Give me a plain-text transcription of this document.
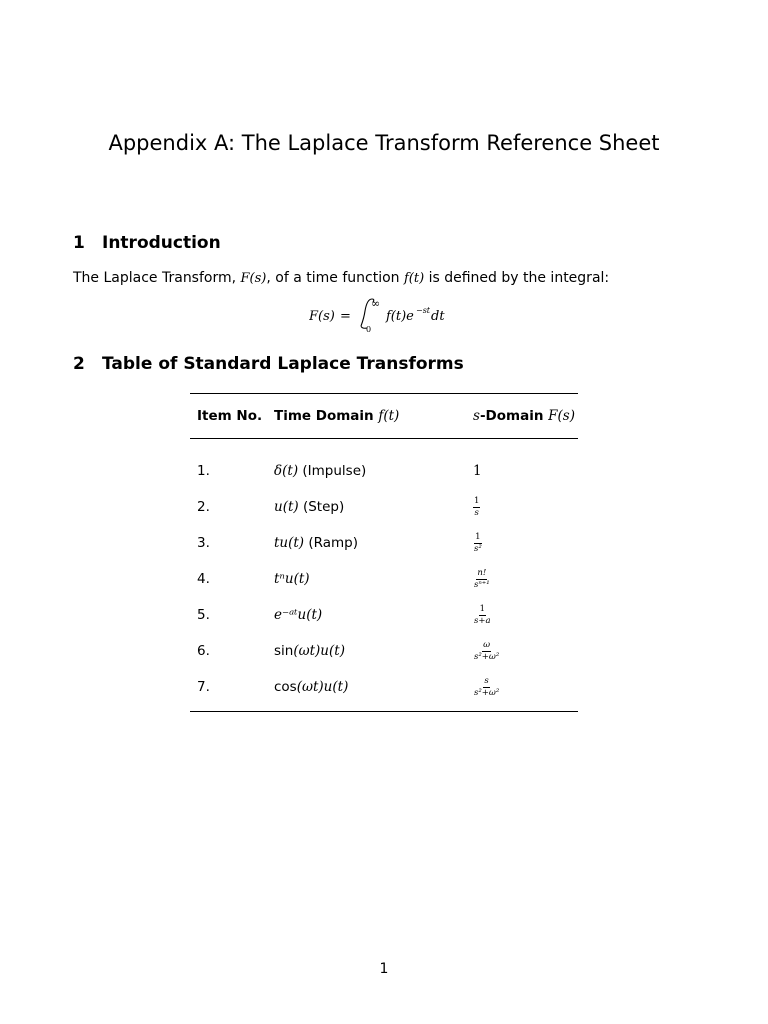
Appendix A: The Laplace Transform Reference Sheet
1 Introduction

The Laplace Transform, F(s), of a time function f(t) is defined by the integral:

F(s) =
0
∞
f(t)e −st dt
2 Table of Standard Laplace Transforms
Item No.	Time Domain f(t)	s-Domain F(s)
1.	δ(t) (Impulse)	1
2.	u(t) (Step)	$\frac{1}{s}$

3.	tu(t) (Ramp)	$\frac{1}{\text{s²}}$

4.	tⁿu(t)	$\frac{n!}{\text{sⁿ⁺¹}}$

5.	e⁻ᵃᵗu(t)	$\frac{1}{s+a}$

6.	sin(ωt)u(t)	$\frac{\omega}{\text{s²+ω²}}$

7.	cos(ωt)u(t)	$\frac{s}{\text{s²+ω²}}$

1
